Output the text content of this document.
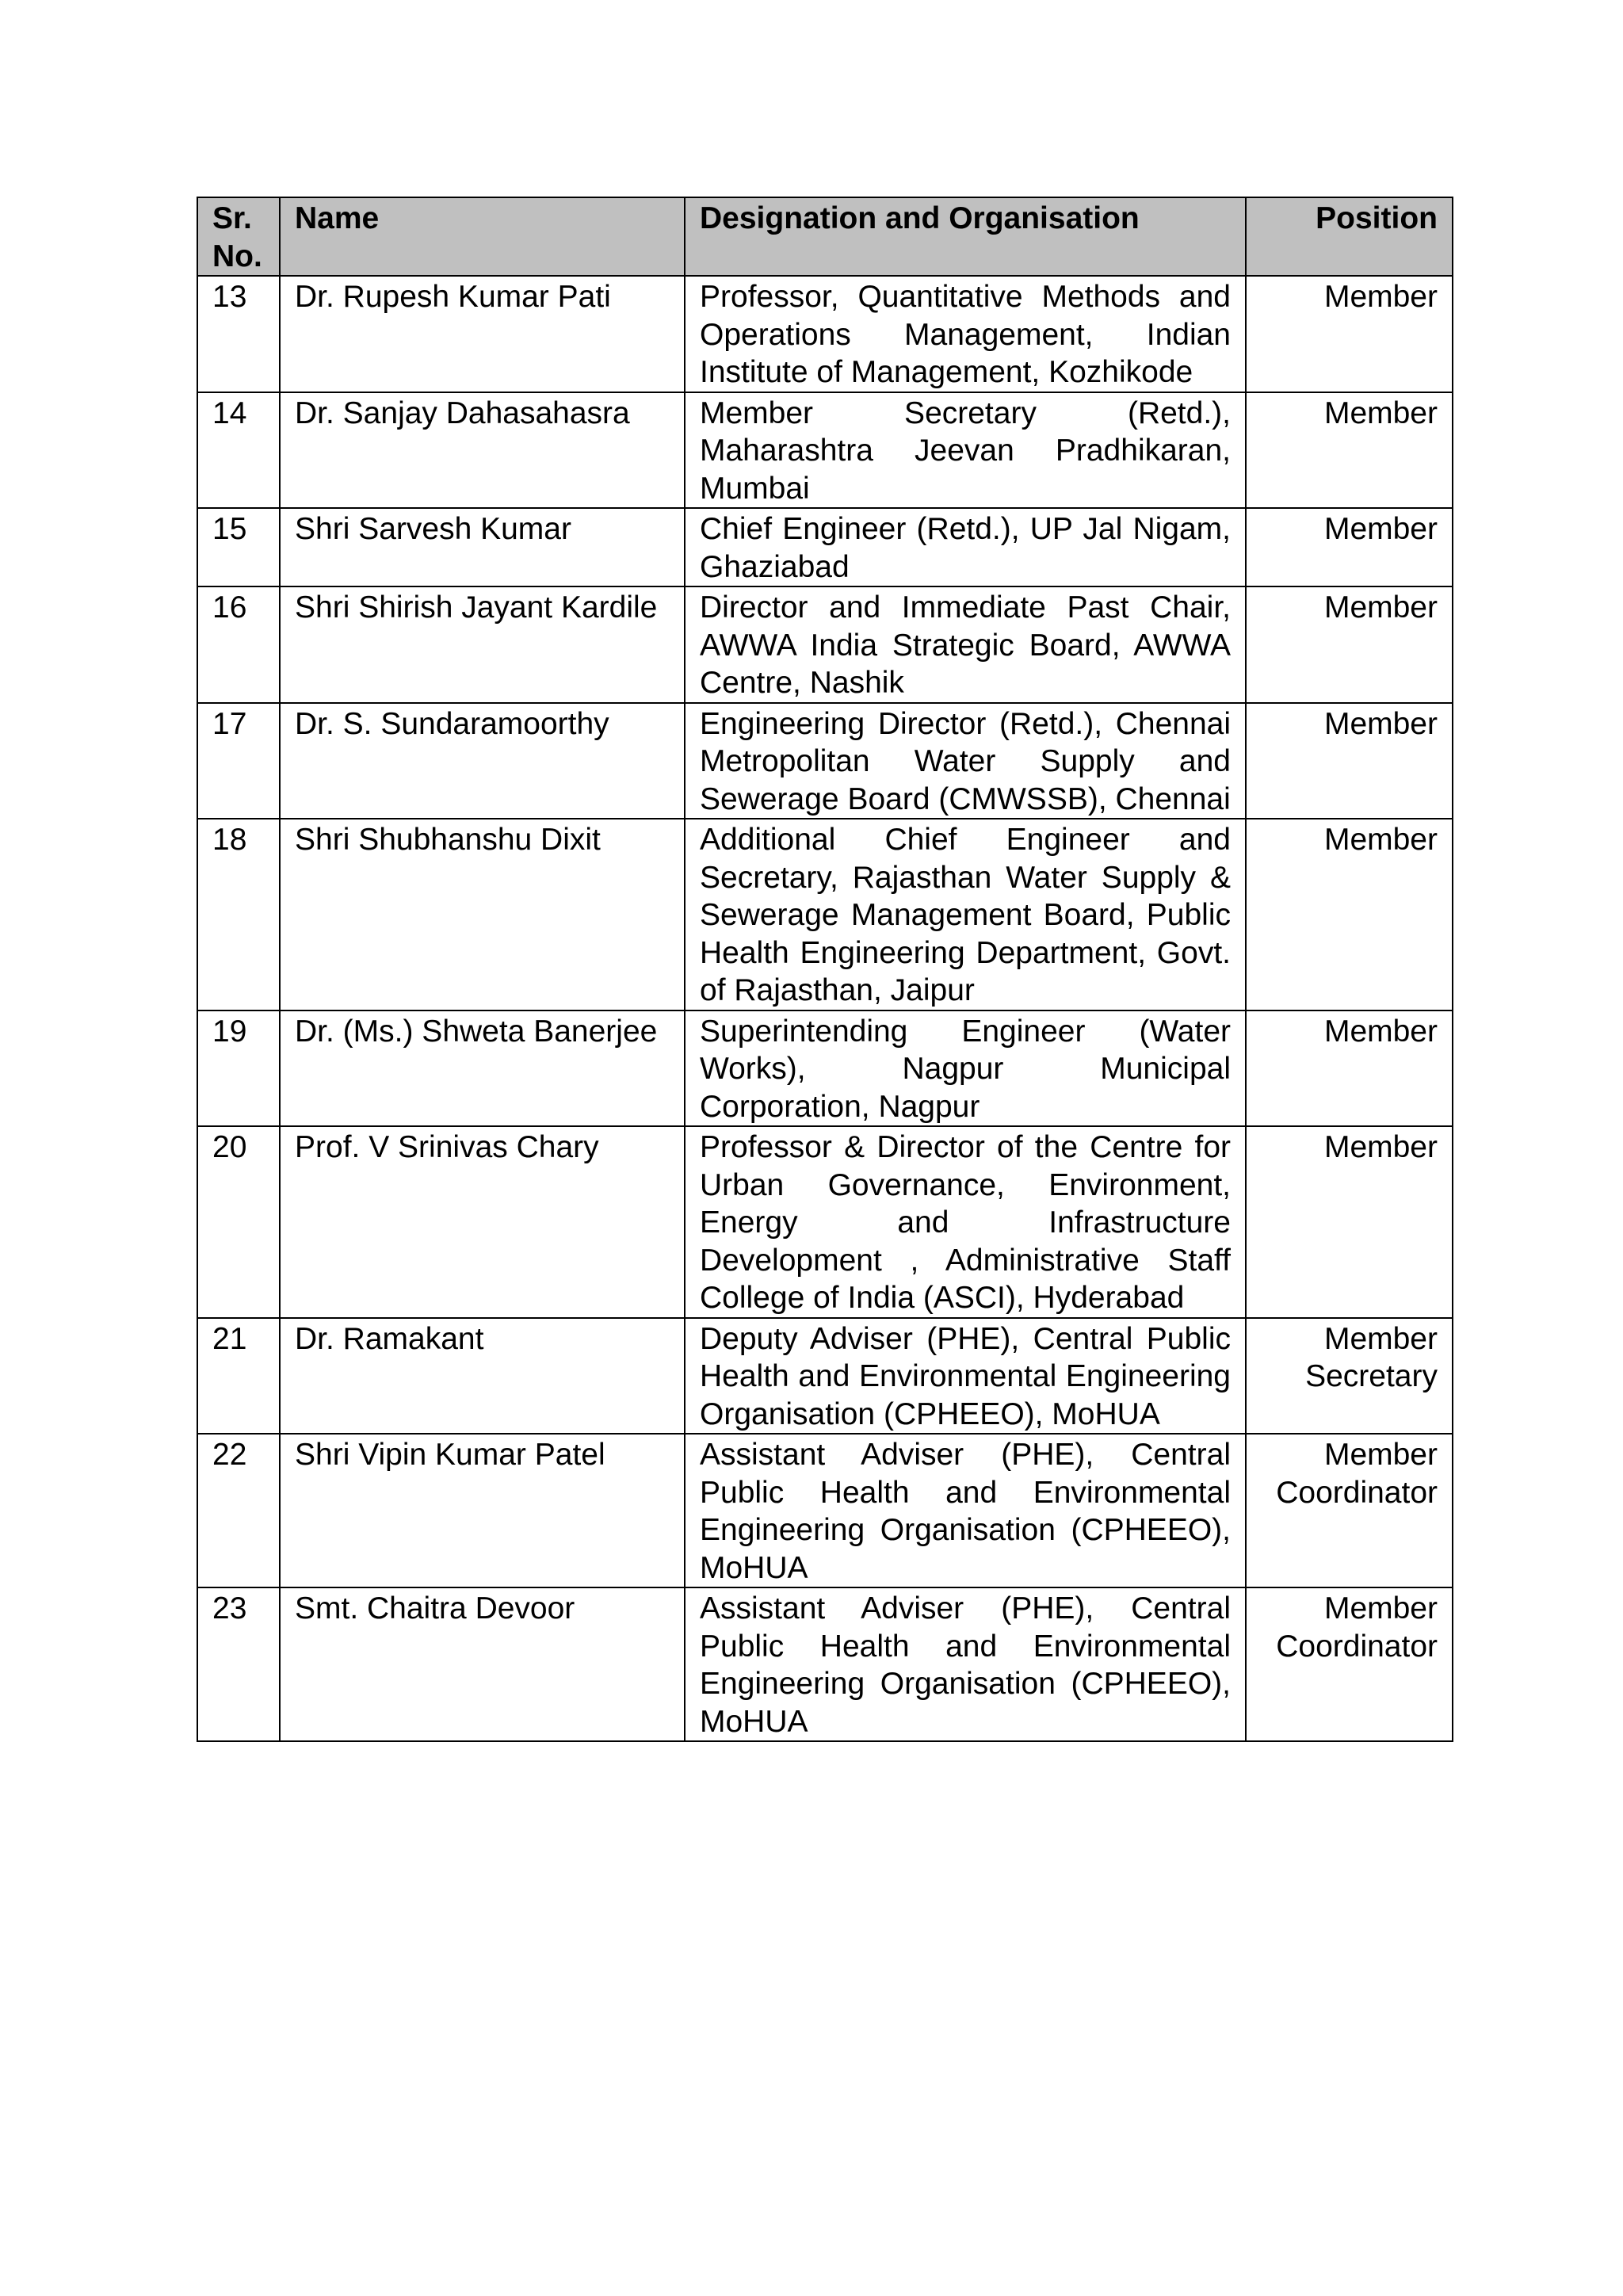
Sr. No.	Name	Designation and Organisation	Position
13	Dr. Rupesh Kumar Pati	Professor, Quantitative Methods and Operations Management, Indian Institute of Management, Kozhikode	Member

14	Dr. Sanjay Dahasahasra	Member Secretary (Retd.), Maharashtra Jeevan Pradhikaran, Mumbai	Member

15	Shri Sarvesh Kumar	Chief Engineer (Retd.), UP Jal Nigam, Ghaziabad	Member

16	Shri Shirish Jayant Kardile	Director and Immediate Past Chair, AWWA India Strategic Board, AWWA Centre, Nashik	Member

17	Dr. S. Sundaramoorthy	Engineering Director (Retd.), Chennai Metropolitan Water Supply and Sewerage Board (CMWSSB), Chennai	Member

18	Shri Shubhanshu Dixit	Additional Chief Engineer and Secretary, Rajasthan Water Supply & Sewerage Management Board, Public Health Engineering Department, Govt. of Rajasthan, Jaipur	Member

19	Dr. (Ms.) Shweta Banerjee	Superintending Engineer (Water Works), Nagpur Municipal Corporation, Nagpur	Member

20	Prof. V Srinivas Chary	Professor & Director of the Centre for Urban Governance, Environment, Energy and Infrastructure Development , Administrative Staff College of India (ASCI), Hyderabad	Member

21	Dr. Ramakant	Deputy Adviser (PHE), Central Public Health and Environmental Engineering Organisation (CPHEEO), MoHUA	Member
Secretary

22	Shri Vipin Kumar Patel	Assistant Adviser (PHE), Central Public Health and Environmental Engineering Organisation (CPHEEO), MoHUA	Member
Coordinator

23	Smt. Chaitra Devoor	Assistant Adviser (PHE), Central Public Health and Environmental Engineering Organisation (CPHEEO), MoHUA	Member
Coordinator
